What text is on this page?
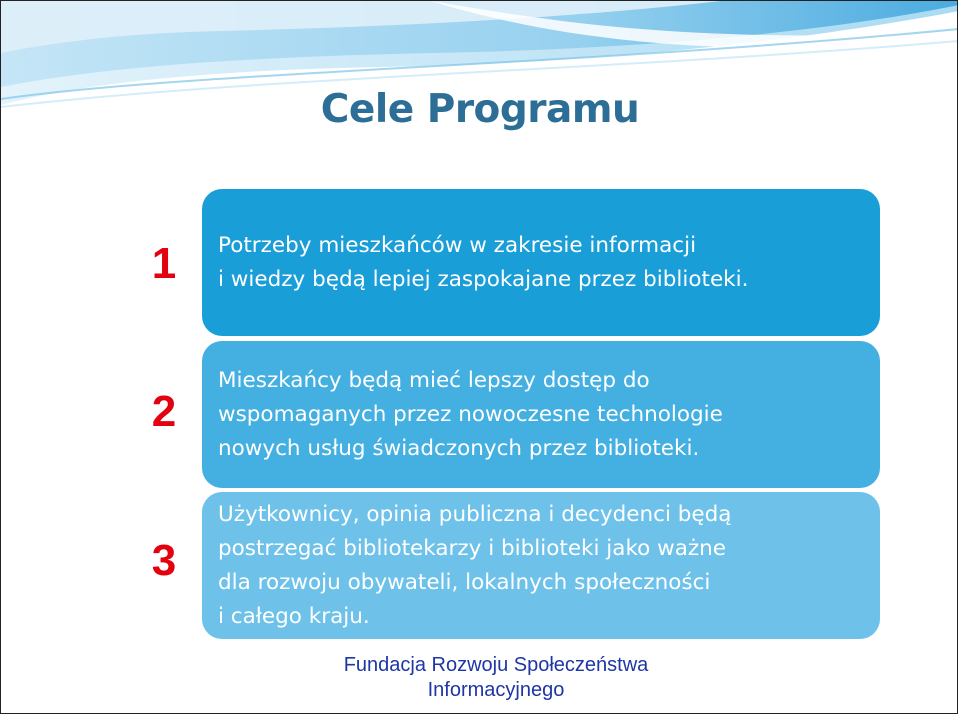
Cele Programu
1	Potrzeby mieszkańców w zakresie informacji
i wiedzy będą lepiej zaspokajane przez biblioteki.
2
Mieszkańcy będą mieć lepszy dostęp do
wspomaganych przez nowoczesne technologie
nowych usług świadczonych przez biblioteki.
3
Użytkownicy, opinia publiczna i decydenci będą
postrzegać bibliotekarzy i biblioteki jako ważne
dla rozwoju obywateli, lokalnych społeczności
i całego kraju.
Fundacja Rozwoju Społeczeństwa
Informacyjnego
